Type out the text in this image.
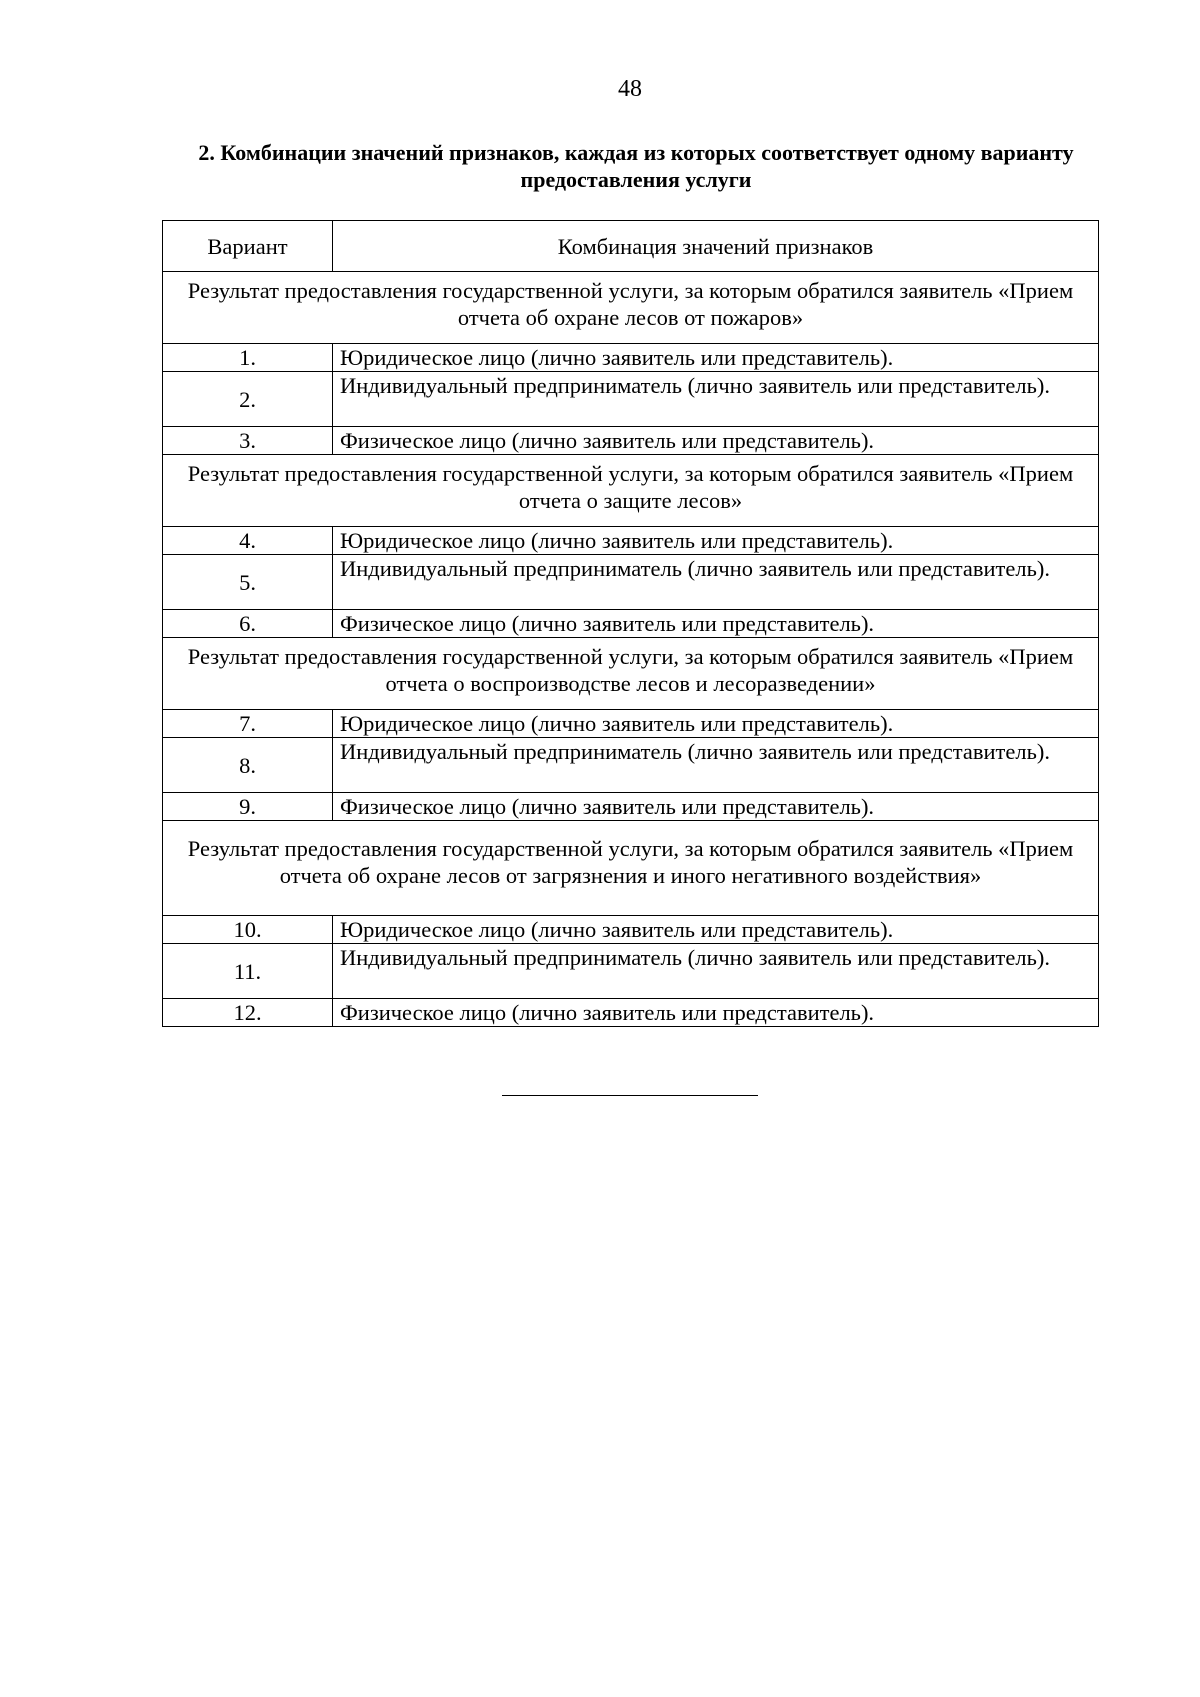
48
2. Комбинации значений признаков, каждая из которых соответствует одному варианту предоставления услуги
Вариант	Комбинация значений признаков
Результат предоставления государственной услуги, за которым обратился заявитель «Прием отчета об охране лесов от пожаров»	
1.	Юридическое лицо (лично заявитель или представитель).
2.	Индивидуальный предприниматель (лично заявитель или представитель).
3.	Физическое лицо (лично заявитель или представитель).
Результат предоставления государственной услуги, за которым обратился заявитель «Прием отчета о защите лесов»	
4.	Юридическое лицо (лично заявитель или представитель).
5.	Индивидуальный предприниматель (лично заявитель или представитель).
6.	Физическое лицо (лично заявитель или представитель).
Результат предоставления государственной услуги, за которым обратился заявитель «Прием отчета о воспроизводстве лесов и лесоразведении»	
7.	Юридическое лицо (лично заявитель или представитель).
8.	Индивидуальный предприниматель (лично заявитель или представитель).
9.	Физическое лицо (лично заявитель или представитель).
Результат предоставления государственной услуги, за которым обратился заявитель «Прием отчета об охране лесов от загрязнения и иного негативного воздействия»	
10.	Юридическое лицо (лично заявитель или представитель).
11.	Индивидуальный предприниматель (лично заявитель или представитель).
12.	Физическое лицо (лично заявитель или представитель).
